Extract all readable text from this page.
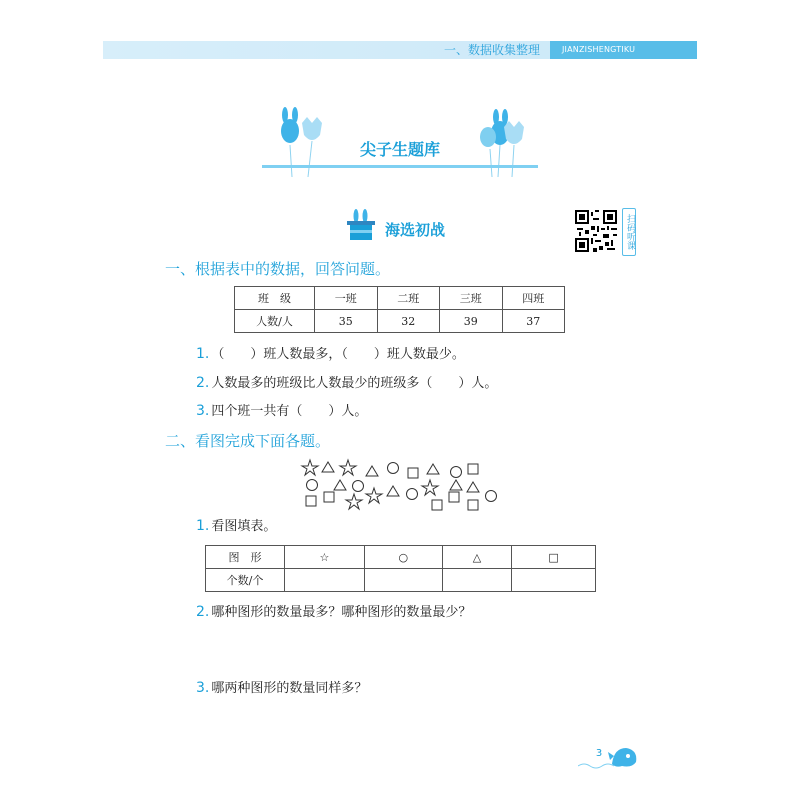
一、数据收集整理	JIANZISHENGTIKU
尖子生题库
海选初战	扫码听课
一、根据表中的数据，回答问题。
班　级	一班	二班	三班	四班
人数/人	35	32	39	37
1. （　　）班人数最多，（　　）班人数最少。
2. 人数最多的班级比人数最少的班级多（　　）人。
3. 四个班一共有（　　）人。
二、看图完成下面各题。
1. 看图填表。
图　形	☆	○	△	□
个数/个				
2. 哪种图形的数量最多？哪种图形的数量最少？
3. 哪两种图形的数量同样多？
3
